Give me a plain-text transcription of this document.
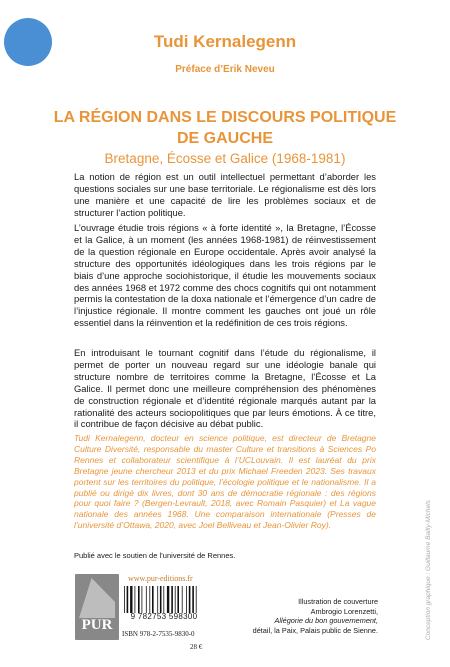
Tudi Kernalegenn
Préface d’Erik Neveu
LA RÉGION DANS LE DISCOURS POLITIQUE
DE GAUCHE
Bretagne, Écosse et Galice (1968-1981)

La notion de région est un outil intellectuel permettant d’aborder les questions sociales sur une base territoriale. Le régionalisme est dès lors une manière et une capacité de lire les problèmes sociaux et de structurer l’action politique.

L’ouvrage étudie trois régions « à forte identité », la Bretagne, l’Écosse et la Galice, à un moment (les années 1968-1981) de réinvestissement de la question régionale en Europe occidentale. Après avoir analysé la structure des opportunités idéologiques dans les trois régions par le biais d’une approche sociohistorique, il étudie les mouvements sociaux des années 1968 et 1972 comme des chocs cognitifs qui ont notamment permis la contestation de la doxa nationale et l’émergence d’un cadre de l’injustice régionale. Il montre comment les gauches ont joué un rôle essentiel dans la réinvention et la redéfinition de ces trois régions.

En introduisant le tournant cognitif dans l’étude du régionalisme, il permet de porter un nouveau regard sur une idéologie banale qui structure nombre de territoires comme la Bretagne, l’Écosse et La Galice. Il permet donc une meilleure compréhension des phénomènes de construction régionale et d’identité régionale marqués autant par la rationalité des acteurs sociopolitiques que par leurs émotions. À ce titre, il contribue de façon décisive au débat public.

Tudi Kernalegenn, docteur en science politique, est directeur de Bretagne Culture Diversité, responsable du master Culture et transitions à Sciences Po Rennes et collaborateur scientifique à l’UCLouvain. Il est lauréat du prix Bretagne jeune chercheur 2013 et du prix Michael Freeden 2023. Ses travaux portent sur les territoires du politique, l’écologie politique et le nationalisme. Il a publié ou dirigé dix livres, dont 30 ans de démocratie régionale : des régions pour quoi faire ? (Bergen-Levrault, 2018, avec Romain Pasquier) et La vague nationale des années 1968. Une comparaison internationale (Presses de l’université d’Ottawa, 2020, avec Joel Belliveau et Jean-Olivier Roy).

Publié avec le soutien de l’université de Rennes.

PUR
www.pur-editions.fr
9 782753 598300
ISBN 978-2-7535-9830-0
28 €
Illustration de couverture
Ambrogio Lorenzetti,
Allégorie du bon gouvernement,
détail, la Paix, Palais public de Sienne.	Conception graphique : Guillaume Bailly-Michels
